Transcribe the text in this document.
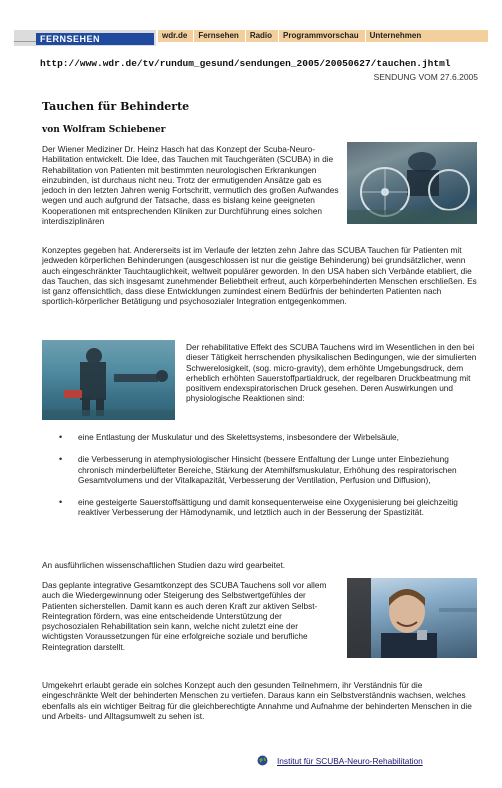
FERNSEHEN	wdr.de	Fernsehen	Radio	Programmvorschau	Unternehmen
http://www.wdr.de/tv/rundum_gesund/sendungen_2005/20050627/tauchen.jhtml
SENDUNG VOM 27.6.2005
Tauchen für Behinderte
von Wolfram Schiebener
Der Wiener Mediziner Dr. Heinz Hasch hat das Konzept der Scuba-Neuro-Habilitation entwickelt. Die Idee, das Tauchen mit Tauchgeräten (SCUBA) in die Rehabilitation von Patienten mit bestimmten neurologischen Erkrankungen einzubinden, ist durchaus nicht neu. Trotz der ermutigenden Ansätze gab es jedoch in den letzten Jahren wenig Fortschritt, vermutlich des großen Aufwandes wegen und auch aufgrund der Tatsache, dass es bislang keine geeigneten Kooperationen mit entsprechenden Kliniken zur Durchführung eines solchen interdisziplinären
Konzeptes gegeben hat. Andererseits ist im Verlaufe der letzten zehn Jahre das SCUBA Tauchen für Patienten mit jedweden körperlichen Behinderungen (ausgeschlossen ist nur die geistige Behinderung) bei grundsätzlicher, wenn auch eingeschränkter Tauchtauglichkeit, weltweit populärer geworden. In den USA haben sich Verbände etabliert, die das Tauchen, das sich insgesamt zunehmender Beliebtheit erfreut, auch körperbehinderten Menschen erschließen. Es ist ganz offensichtlich, dass diese Entwicklungen zumindest einem Bedürfnis der behinderten Patienten nach sportlich-körperlicher Betätigung und psychosozialer Integration entgegenkommen.
Der rehabilitative Effekt des SCUBA Tauchens wird im Wesentlichen in den bei dieser Tätigkeit herrschenden physikalischen Bedingungen, wie der simulierten Schwerelosigkeit, (sog. micro-gravity), dem erhöhte Umgebungsdruck, dem erheblich erhöhten Sauerstoffpartialdruck, der regelbaren Druckbeatmung mit positivem endexspiratorischen Druck gesehen. Deren Auswirkungen und physiologische Reaktionen sind:
• eine Entlastung der Muskulatur und des Skelettsystems, insbesondere der Wirbelsäule,
• die Verbesserung in atemphysiologischer Hinsicht (bessere Entfaltung der Lunge unter Einbeziehung chronisch minderbelüfteter Bereiche, Stärkung der Atemhilfsmuskulatur, Erhöhung des respiratorischen Gesamtvolumens und der Vitalkapazität, Verbesserung der Ventilation, Perfusion und Diffusion),
• eine gesteigerte Sauerstoffsättigung und damit konsequenterweise eine Oxygenisierung bei gleichzeitig reaktiver Verbesserung der Hämodynamik, und letztlich auch in der Besserung der Spastizität.
An ausführlichen wissenschaftlichen Studien dazu wird gearbeitet.
Das geplante integrative Gesamtkonzept des SCUBA Tauchens soll vor allem auch die Wiedergewinnung oder Steigerung des Selbstwertgefühles der Patienten sicherstellen. Damit kann es auch deren Kraft zur aktiven Selbst-Reintegration fördern, was eine entscheidende Unterstützung der psychosozialen Rehabilitation sein kann, welche nicht zuletzt eine der wichtigsten Voraussetzungen für eine erfolgreiche soziale und berufliche Reintegration darstellt.
Umgekehrt erlaubt gerade ein solches Konzept auch den gesunden Teilnehmern, ihr Verständnis für die eingeschränkte Welt der behinderten Menschen zu vertiefen. Daraus kann ein Selbstverständnis wachsen, welches ebenfalls als ein wichtiger Beitrag für die gleichberechtigte Annahme und Aufnahme der behinderten Menschen in die und Arbeits- und Alltagsumwelt zu sehen ist.
Institut für SCUBA-Neuro-Rehabilitation
